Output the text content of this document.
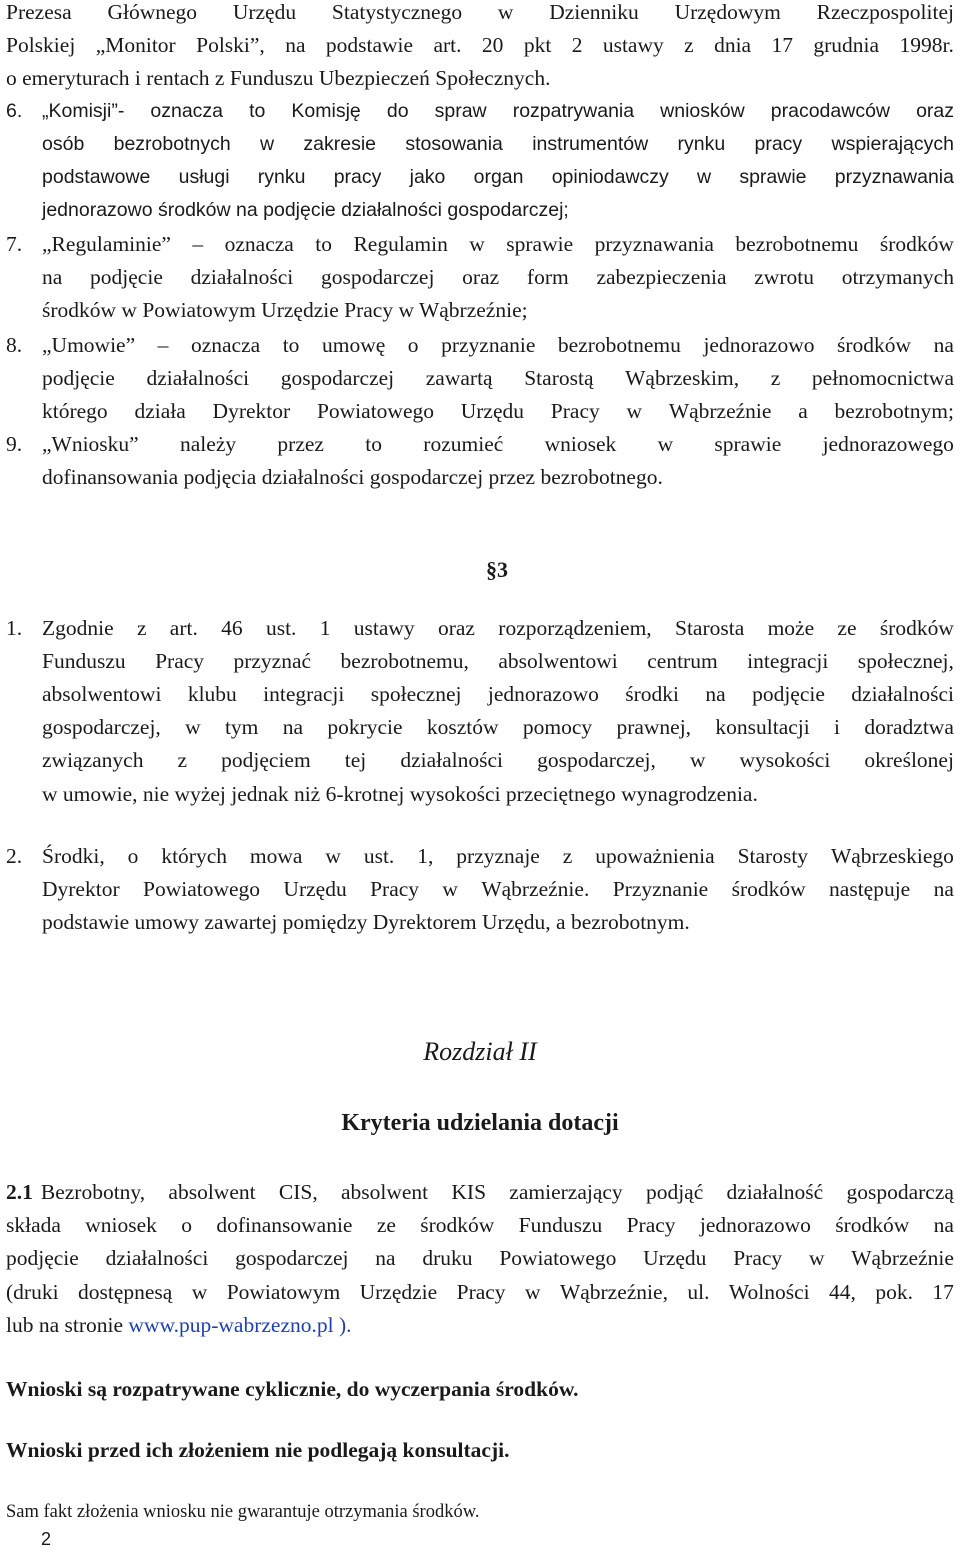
Prezesa Głównego Urzędu Statystycznego w Dzienniku Urzędowym Rzeczpospolitej
Polskiej „Monitor Polski”, na podstawie art. 20 pkt 2 ustawy z dnia 17 grudnia 1998r.
o emeryturach i rentach z Funduszu Ubezpieczeń Społecznych.
6. „Komisji”- oznacza to Komisję do spraw rozpatrywania wniosków pracodawców oraz
osób bezrobotnych w zakresie stosowania instrumentów rynku pracy wspierających
podstawowe usługi rynku pracy jako organ opiniodawczy w sprawie przyznawania
jednorazowo środków na podjęcie działalności gospodarczej;
7. „Regulaminie” – oznacza to Regulamin w sprawie przyznawania bezrobotnemu środków
na podjęcie działalności gospodarczej oraz form zabezpieczenia zwrotu otrzymanych
środków w Powiatowym Urzędzie Pracy w Wąbrzeźnie;
8. „Umowie” – oznacza to umowę o przyznanie bezrobotnemu jednorazowo środków na
podjęcie działalności gospodarczej zawartą Starostą Wąbrzeskim, z pełnomocnictwa
którego działa Dyrektor Powiatowego Urzędu Pracy w Wąbrzeźnie a bezrobotnym;
9. „Wniosku” należy przez to rozumieć wniosek w sprawie jednorazowego
dofinansowania podjęcia działalności gospodarczej przez bezrobotnego.
§3
1. Zgodnie z art. 46 ust. 1 ustawy oraz rozporządzeniem, Starosta może ze środków
Funduszu Pracy przyznać bezrobotnemu, absolwentowi centrum integracji społecznej,
absolwentowi klubu integracji społecznej jednorazowo środki na podjęcie działalności
gospodarczej, w tym na pokrycie kosztów pomocy prawnej, konsultacji i doradztwa
związanych z podjęciem tej działalności gospodarczej, w wysokości określonej
w umowie, nie wyżej jednak niż 6-krotnej wysokości przeciętnego wynagrodzenia.
2. Środki, o których mowa w ust. 1, przyznaje z upoważnienia Starosty Wąbrzeskiego
Dyrektor Powiatowego Urzędu Pracy w Wąbrzeźnie. Przyznanie środków następuje na
podstawie umowy zawartej pomiędzy Dyrektorem Urzędu, a bezrobotnym.
Rozdział II
Kryteria udzielania dotacji
2.1 Bezrobotny, absolwent CIS, absolwent KIS zamierzający podjąć działalność gospodarczą
składa wniosek o dofinansowanie ze środków Funduszu Pracy jednorazowo środków na
podjęcie działalności gospodarczej na druku Powiatowego Urzędu Pracy w Wąbrzeźnie
(druki dostępnesą w Powiatowym Urzędzie Pracy w Wąbrzeźnie, ul. Wolności 44, pok. 17
lub na stronie www.pup-wabrzezno.pl ).
Wnioski są rozpatrywane cyklicznie, do wyczerpania środków.
Wnioski przed ich złożeniem nie podlegają konsultacji.
Sam fakt złożenia wniosku nie gwarantuje otrzymania środków.
2
